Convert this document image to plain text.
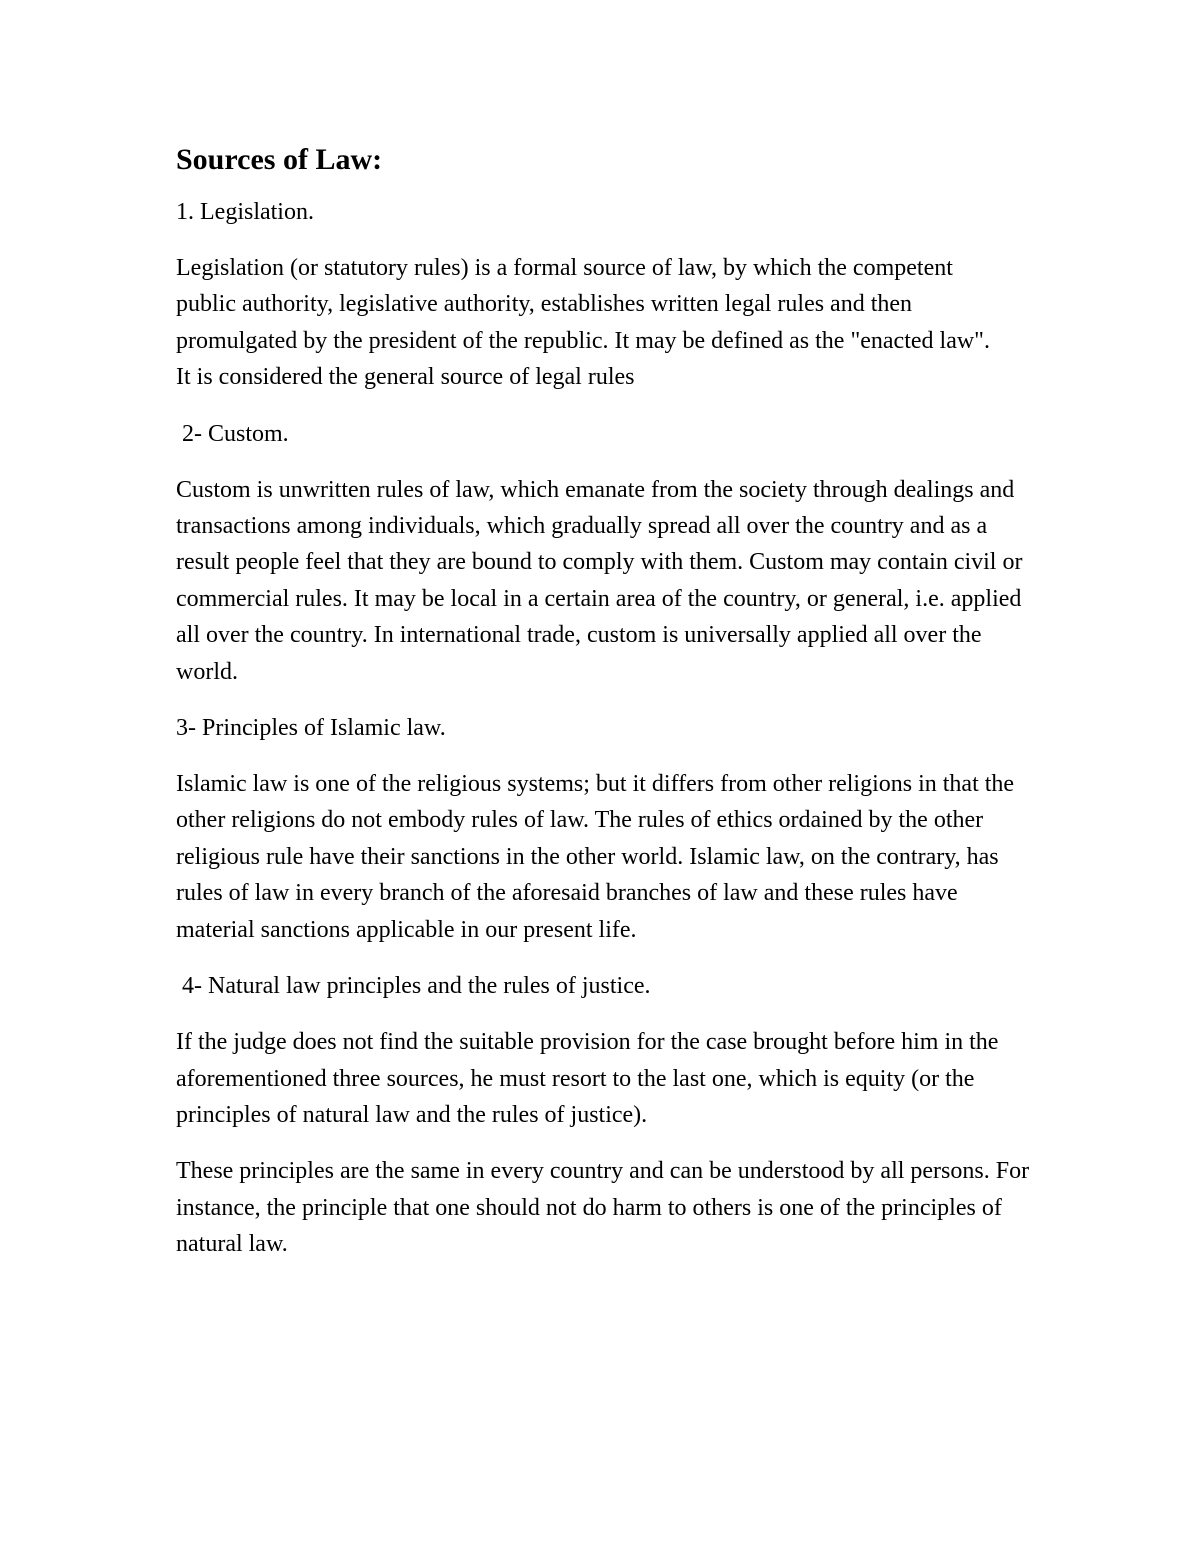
Sources of Law:
1. Legislation.

Legislation (or statutory rules) is a formal source of law, by which the competent public authority, legislative authority, establishes written legal rules and then promulgated by the president of the republic. It may be defined as the "enacted law". It is considered the general source of legal rules

2- Custom.

Custom is unwritten rules of law, which emanate from the society through dealings and transactions among individuals, which gradually spread all over the country and as a result people feel that they are bound to comply with them. Custom may contain civil or commercial rules. It may be local in a certain area of the country, or general, i.e. applied all over the country. In international trade, custom is universally applied all over the world.

3- Principles of Islamic law.

Islamic law is one of the religious systems; but it differs from other religions in that the other religions do not embody rules of law. The rules of ethics ordained by the other religious rule have their sanctions in the other world. Islamic law, on the contrary, has rules of law in every branch of the aforesaid branches of law and these rules have material sanctions applicable in our present life.

4- Natural law principles and the rules of justice.

If the judge does not find the suitable provision for the case brought before him in the aforementioned three sources, he must resort to the last one, which is equity (or the principles of natural law and the rules of justice).

These principles are the same in every country and can be understood by all persons. For instance, the principle that one should not do harm to others is one of the principles of natural law.
